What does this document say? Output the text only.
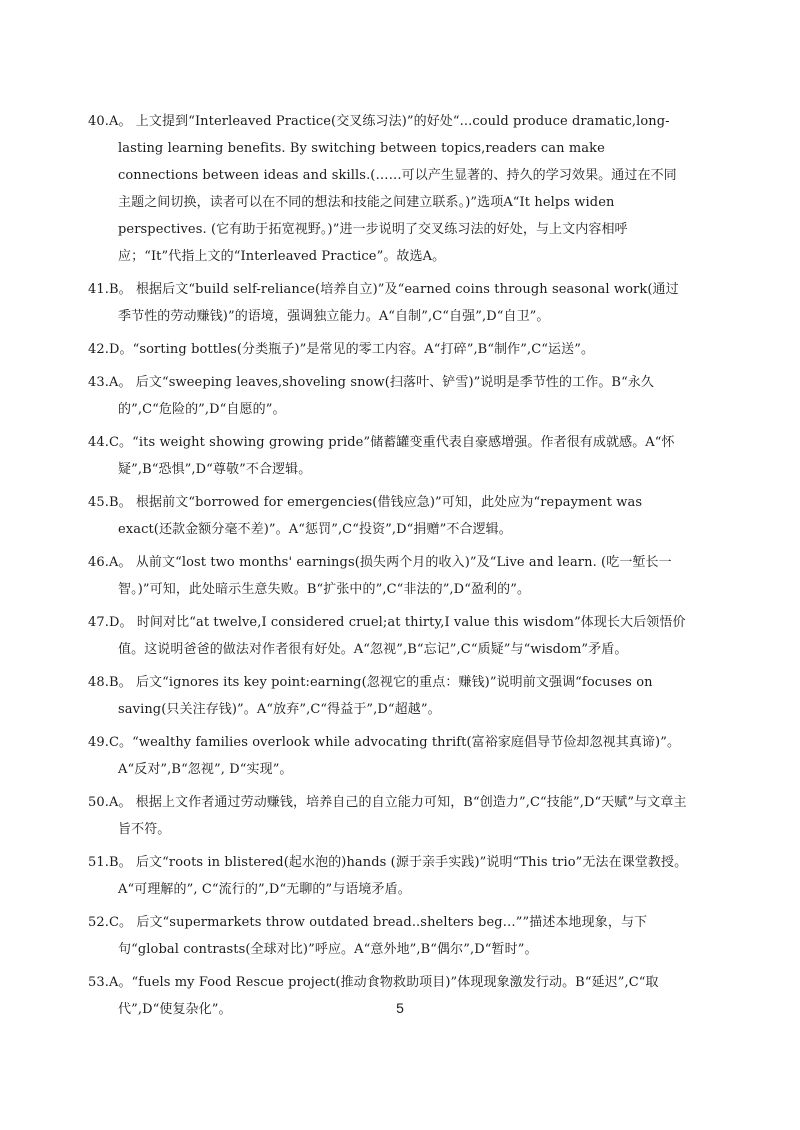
40.A。 上文提到“Interleaved Practice(交叉练习法)”的好处“...could produce dramatic,long-lasting learning benefits. By switching between topics,readers can make connections between ideas and skills.(……可以产生显著的、持久的学习效果。通过在不同主题之间切换，读者可以在不同的想法和技能之间建立联系。)”选项A“It helps widen perspectives. (它有助于拓宽视野。)”进一步说明了交叉练习法的好处，与上文内容相呼应；“It”代指上文的“Interleaved Practice”。故选A。

41.B。 根据后文“build self-reliance(培养自立)”及“earned coins through seasonal work(通过季节性的劳动赚钱)”的语境，强调独立能力。A“自制”,C“自强”,D“自卫”。

42.D。“sorting bottles(分类瓶子)”是常见的零工内容。A“打碎”,B“制作”,C“运送”。

43.A。 后文“sweeping leaves,shoveling snow(扫落叶、铲雪)”说明是季节性的工作。B“永久的”,C“危险的”,D“自愿的”。

44.C。“its weight showing growing pride”储蓄罐变重代表自豪感增强。作者很有成就感。A“怀疑”,B“恐惧”,D“尊敬”不合逻辑。

45.B。 根据前文“borrowed for emergencies(借钱应急)”可知，此处应为“repayment was exact(还款金额分毫不差)”。A“惩罚”,C“投资”,D“捐赠”不合逻辑。

46.A。 从前文“lost two months' earnings(损失两个月的收入)”及“Live and learn. (吃一堑长一智。)”可知，此处暗示生意失败。B“扩张中的”,C“非法的”,D“盈利的”。

47.D。 时间对比“at twelve,I considered cruel;at thirty,I value this wisdom”体现长大后领悟价值。这说明爸爸的做法对作者很有好处。A“忽视”,B“忘记”,C“质疑”与“wisdom”矛盾。

48.B。 后文“ignores its key point:earning(忽视它的重点：赚钱)”说明前文强调“focuses on saving(只关注存钱)”。A“放弃”,C“得益于”,D“超越”。

49.C。“wealthy families overlook while advocating thrift(富裕家庭倡导节俭却忽视其真谛)”。A“反对”,B“忽视”, D“实现”。

50.A。 根据上文作者通过劳动赚钱，培养自己的自立能力可知，B“创造力”,C“技能”,D“天赋”与文章主旨不符。

51.B。 后文“roots in blistered(起水泡的)hands (源于亲手实践)”说明“This trio”无法在课堂教授。A“可理解的”, C“流行的”,D“无聊的”与语境矛盾。

52.C。 后文“supermarkets throw outdated bread..shelters beg…””描述本地现象，与下句“global contrasts(全球对比)”呼应。A“意外地”,B“偶尔”,D“暂时”。

53.A。“fuels my Food Rescue project(推动食物救助项目)”体现现象激发行动。B“延迟”,C“取代”,D“使复杂化”。	5
